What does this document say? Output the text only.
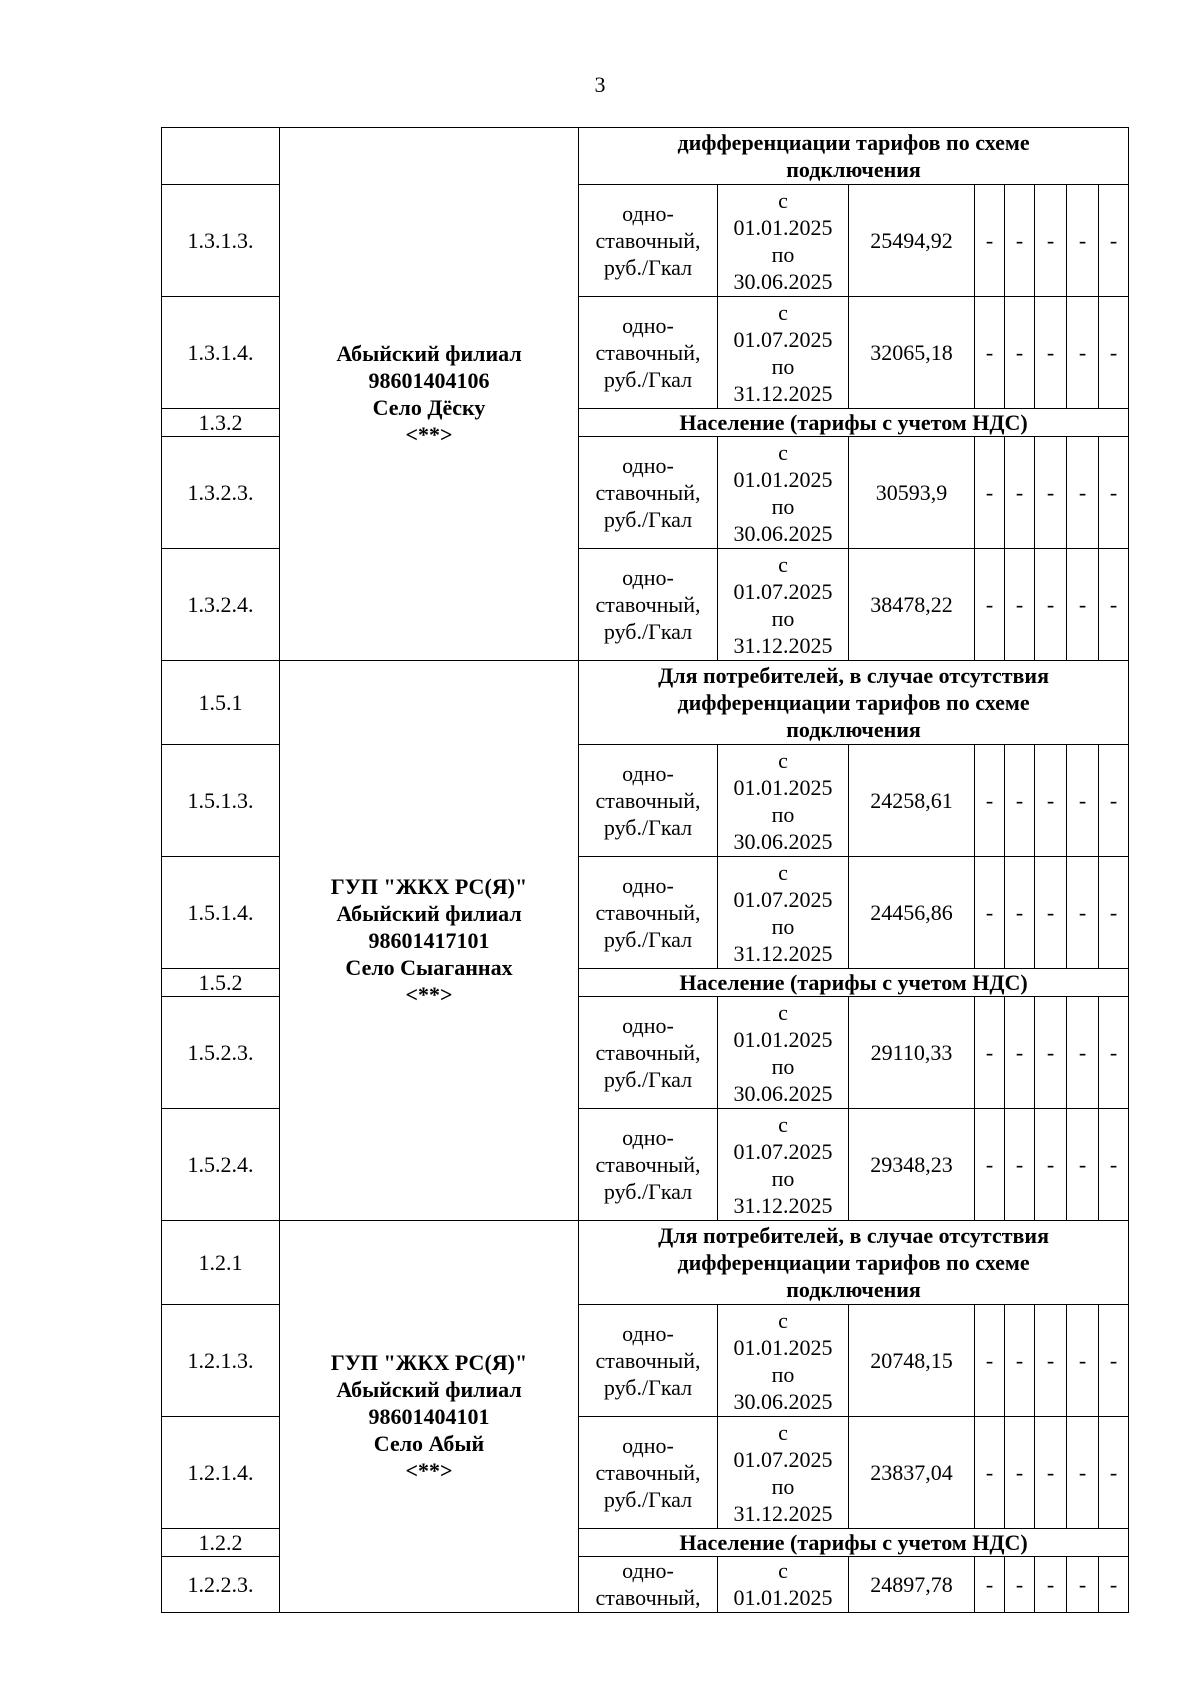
3

	Абыйский филиал
98601404106
Село Дёску
<**>	дифференциации тарифов по схеме
подключения							

1.3.1.3.		одно-
ставочный,
руб./Гкал	с
01.01.2025
по
30.06.2025	25494,92	-	-	-	-	-
1.3.1.4.		одно-
ставочный,
руб./Гкал	с
01.07.2025
по
31.12.2025	32065,18	-	-	-	-	-
1.3.2		Население (тарифы с учетом НДС)							

1.3.2.3.		одно-
ставочный,
руб./Гкал	с
01.01.2025
по
30.06.2025	30593,9	-	-	-	-	-
1.3.2.4.		одно-
ставочный,
руб./Гкал	с
01.07.2025
по
31.12.2025	38478,22	-	-	-	-	-
1.5.1	ГУП "ЖКХ РС(Я)"
Абыйский филиал
98601417101
Село Сыаганнах
<**>	Для потребителей, в случае отсутствия
дифференциации тарифов по схеме
подключения							

1.5.1.3.		одно-
ставочный,
руб./Гкал	с
01.01.2025
по
30.06.2025	24258,61	-	-	-	-	-
1.5.1.4.		одно-
ставочный,
руб./Гкал	с
01.07.2025
по
31.12.2025	24456,86	-	-	-	-	-
1.5.2		Население (тарифы с учетом НДС)							

1.5.2.3.		одно-
ставочный,
руб./Гкал	с
01.01.2025
по
30.06.2025	29110,33	-	-	-	-	-
1.5.2.4.		одно-
ставочный,
руб./Гкал	с
01.07.2025
по
31.12.2025	29348,23	-	-	-	-	-
1.2.1	ГУП "ЖКХ РС(Я)"
Абыйский филиал
98601404101
Село Абый
<**>	Для потребителей, в случае отсутствия
дифференциации тарифов по схеме
подключения							

1.2.1.3.		одно-
ставочный,
руб./Гкал	с
01.01.2025
по
30.06.2025	20748,15	-	-	-	-	-
1.2.1.4.		одно-
ставочный,
руб./Гкал	с
01.07.2025
по
31.12.2025	23837,04	-	-	-	-	-
1.2.2		Население (тарифы с учетом НДС)							

1.2.2.3.		одно-
ставочный,	с
01.01.2025	24897,78	-	-	-	-	-
